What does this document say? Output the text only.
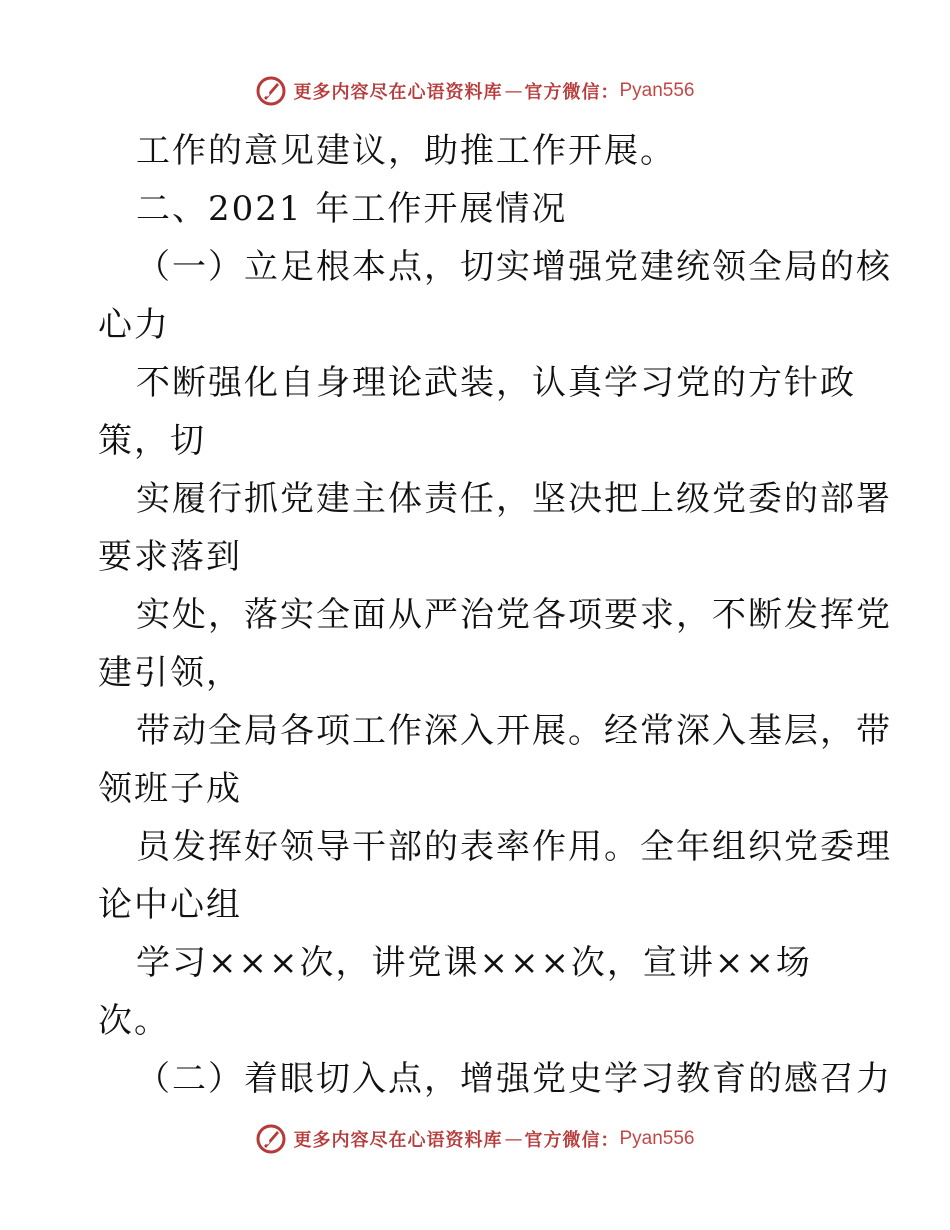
更多内容尽在心语资料库 — 官方微信： Pyan556
工作的意见建议，助推工作开展。
二、2021 年工作开展情况
（一）立足根本点，切实增强党建统领全局的核
心力
不断强化自身理论武装，认真学习党的方针政
策，切
实履行抓党建主体责任，坚决把上级党委的部署
要求落到
实处，落实全面从严治党各项要求，不断发挥党
建引领，
带动全局各项工作深入开展。经常深入基层，带
领班子成
员发挥好领导干部的表率作用。全年组织党委理
论中心组
学习×××次，讲党课×××次，宣讲××场
次。
（二）着眼切入点，增强党史学习教育的感召力
更多内容尽在心语资料库 — 官方微信： Pyan556
